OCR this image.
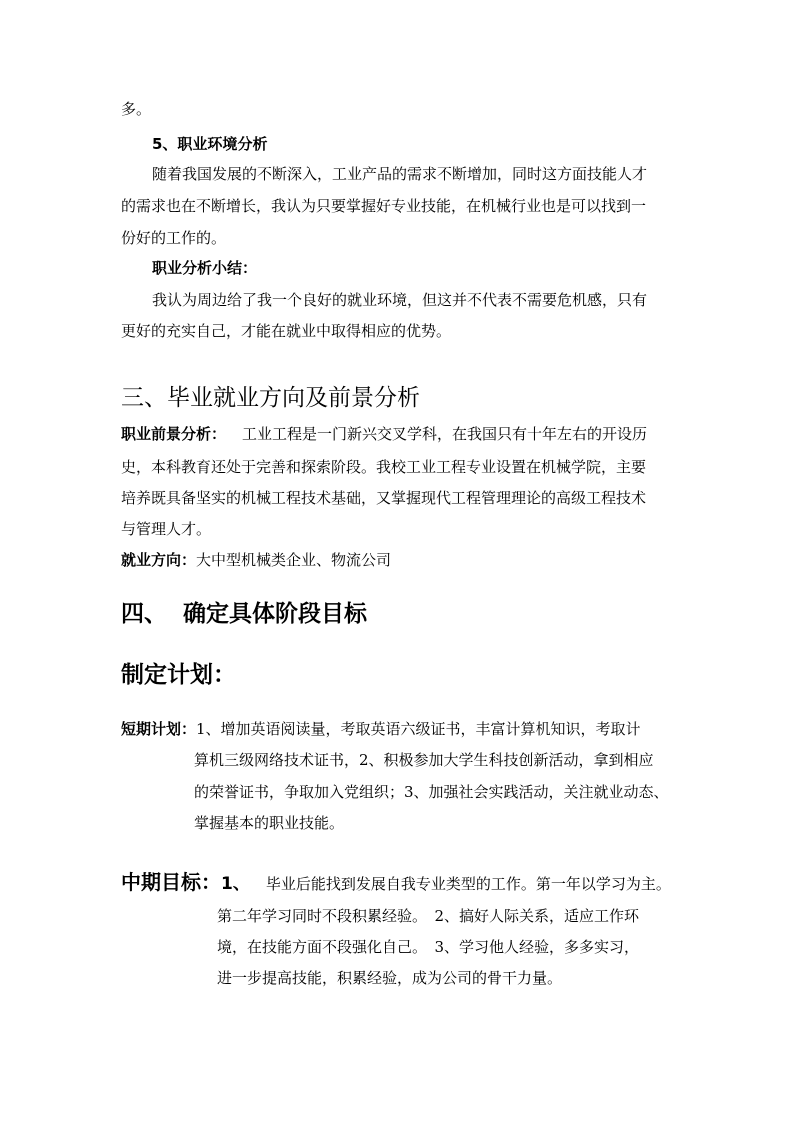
多。
5、职业环境分析
随着我国发展的不断深入，工业产品的需求不断增加，同时这方面技能人才
的需求也在不断增长，我认为只要掌握好专业技能，在机械行业也是可以找到一
份好的工作的。
职业分析小结：
我认为周边给了我一个良好的就业环境，但这并不代表不需要危机感，只有
更好的充实自己，才能在就业中取得相应的优势。
三、毕业就业方向及前景分析
职业前景分析： 工业工程是一门新兴交叉学科，在我国只有十年左右的开设历
史，本科教育还处于完善和探索阶段。我校工业工程专业设置在机械学院，主要
培养既具备坚实的机械工程技术基础，又掌握现代工程管理理论的高级工程技术
与管理人才。
就业方向：大中型机械类企业、物流公司
四、 确定具体阶段目标
制定计划：
短期计划：1、增加英语阅读量，考取英语六级证书，丰富计算机知识，考取计
算机三级网络技术证书，2、积极参加大学生科技创新活动，拿到相应
的荣誉证书，争取加入党组织；3、加强社会实践活动，关注就业动态、
掌握基本的职业技能。
中期目标：1、 毕业后能找到发展自我专业类型的工作。第一年以学习为主。
第二年学习同时不段积累经验。　2、搞好人际关系，适应工作环
境，在技能方面不段强化自己。　3、学习他人经验，多多实习，
进一步提高技能，积累经验，成为公司的骨干力量。
